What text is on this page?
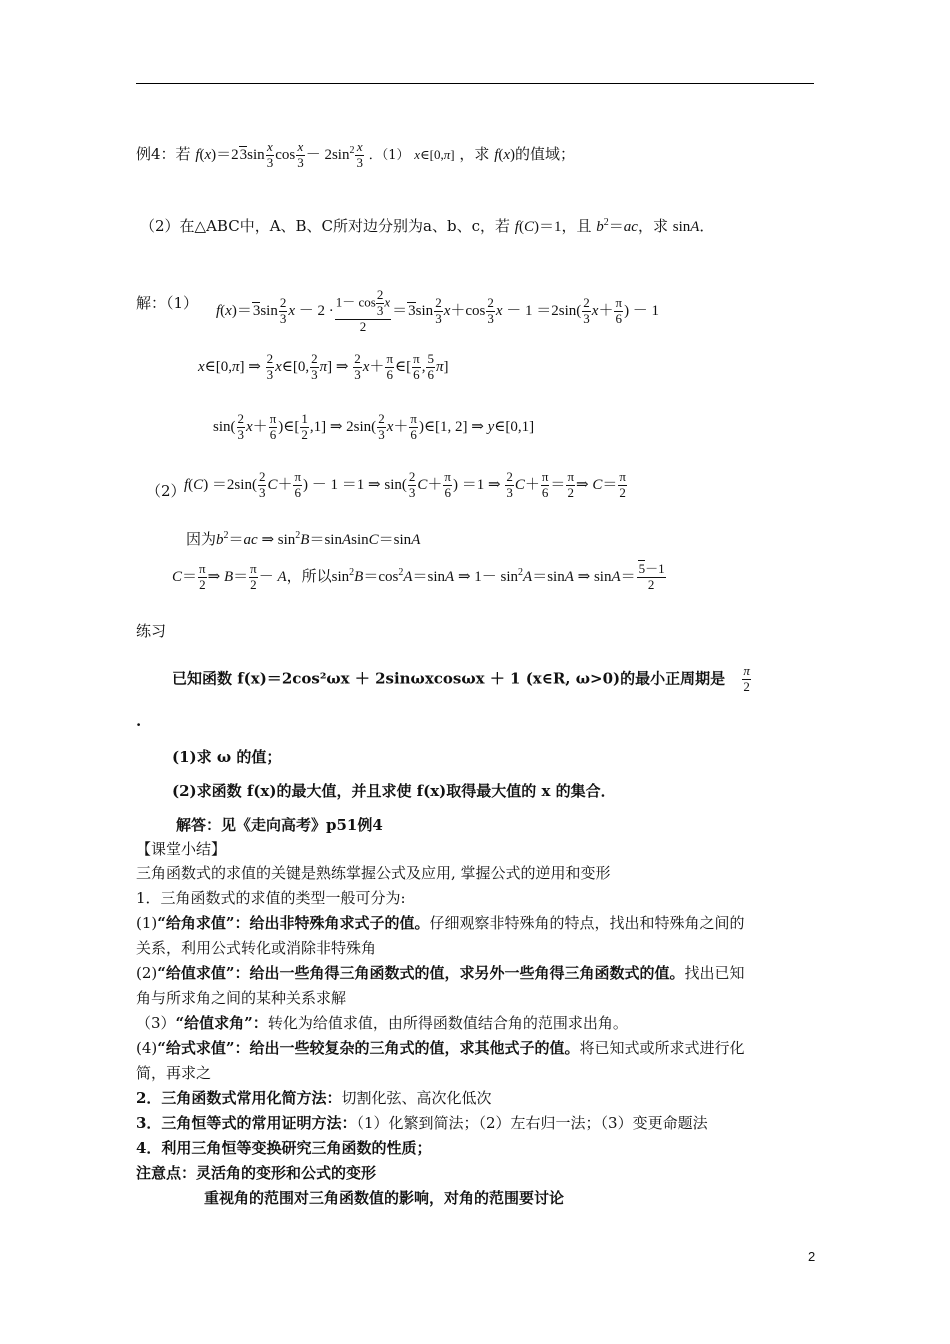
例4：若 $f(x)=23\sin \frac{x}{3}$ $\cos \frac{x}{3} - 2\sin^2 \frac{x}{3}$ ．（1） x∈[0,π] ，求 f(x)的值域；
（2）在△ABC中，A、B、C所对边分别为a、b、c，若 f(C)＝1，且 $b^2=ac$，求 sinA．
解：（1） $f(x)=3\sin \frac{2}{3}$ $x - 2 \cdot \frac{1- \cos \frac{2}{3} x}{2} =3\sin \frac{2}{3} x+\cos \frac{2}{3}$ $x - 1 =2\sin( \frac{2}{3} x+ \frac{\pi}{6}$ ) － 1
x∈[0,π] ⇒ $\frac{2}{3}$ x∈[0, $\frac{2}{3} \pi$] ⇒ $\frac{2}{3} x+ \frac{\pi}{6}$ ∈[ $\frac{\pi}{6}$ , $\frac{5}{6} \pi$]
$\sin( \frac{2}{3} x+ \frac{\pi}{6}$ )∈[ $\frac{1}{2} ,1$] ⇒ $2\sin( \frac{2}{3} x+ \frac{\pi}{6}$ )∈[1, 2] ⇒ y∈[0,1]
（2）
$f(C) =2\sin( \frac{2}{3} C+ \frac{\pi}{6}$ ) － 1 ＝1 ⇒ $\sin( \frac{2}{3} C+ \frac{\pi}{6}$ ) ＝1 ⇒ $\frac{2}{3} C+ \frac{\pi}{6} = \frac{\pi}{2}$ ⇒ $C= \frac{\pi}{2}$
因为$b^2=ac$ ⇒ $\sin^2B=sinAsinC=\sin A$
$C= \frac{\pi}{2}$ ⇒ $B= \frac{\pi}{2} - A$，所以$\sin^2B=\cos^2A=\sin A$ ⇒ $1- \sin^2A=\sin A$ ⇒ $\sin A= \frac{5-1}{2}$
练习
已知函数 f(x)＝2cos²ωx ＋ 2sinωxcosωx ＋ 1 (x∈R, ω>0)的最小正周期是 $\frac{\pi}{2}$
.
(1)求 ω 的值；
(2)求函数 f(x)的最大值，并且求使 f(x)取得最大值的 x 的集合．
解答：见《走向高考》p51例4
【课堂小结】
三角函数式的求值的关键是熟练掌握公式及应用, 掌握公式的逆用和变形
1．三角函数式的求值的类型一般可分为:
(1)“给角求值”：给出非特殊角求式子的值。仔细观察非特殊角的特点，找出和特殊角之间的
关系，利用公式转化或消除非特殊角
(2)“给值求值”：给出一些角得三角函数式的值，求另外一些角得三角函数式的值。找出已知
角与所求角之间的某种关系求解
（3）“给值求角”：转化为给值求值，由所得函数值结合角的范围求出角。
(4)“给式求值”：给出一些较复杂的三角式的值，求其他式子的值。将已知式或所求式进行化
简，再求之
2．三角函数式常用化简方法：切割化弦、高次化低次
3．三角恒等式的常用证明方法：（1）化繁到简法；（2）左右归一法；（3）变更命题法
4．利用三角恒等变换研究三角函数的性质；
注意点：灵活角的变形和公式的变形
重视角的范围对三角函数值的影响，对角的范围要讨论
2
